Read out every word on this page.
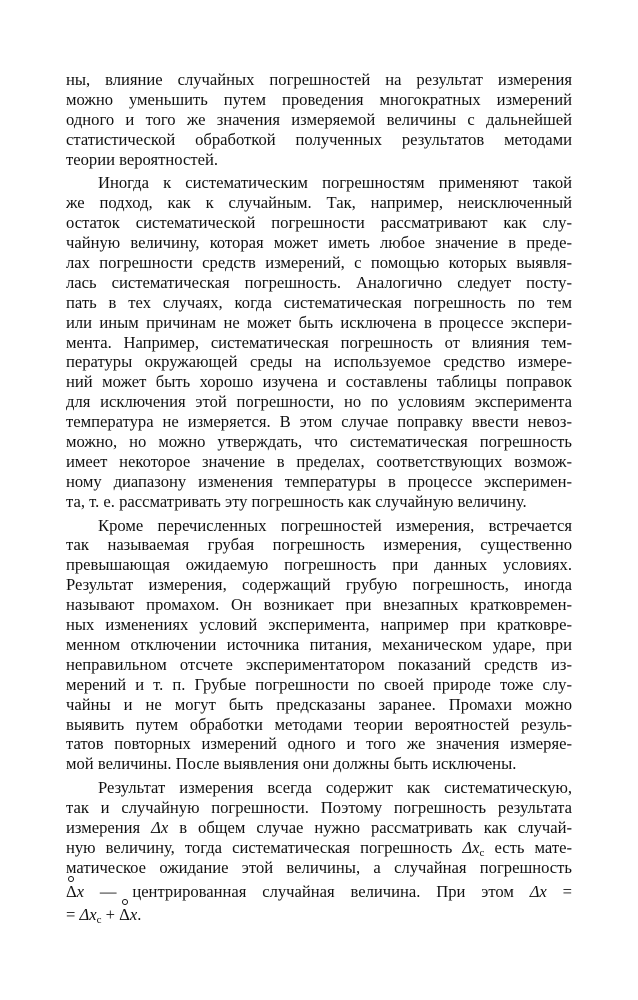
ны, влияние случайных погрешностей на результат измерения
можно уменьшить путем проведения многократных измерений
одного и того же значения измеряемой величины с дальнейшей
статистической обработкой полученных результатов методами
теории вероятностей.
Иногда к систематическим погрешностям применяют такой
же подход, как к случайным. Так, например, неисключенный
остаток систематической погрешности рассматривают как слу-
чайную величину, которая может иметь любое значение в преде-
лах погрешности средств измерений, с помощью которых выявля-
лась систематическая погрешность. Аналогично следует посту-
пать в тех случаях, когда систематическая погрешность по тем
или иным причинам не может быть исключена в процессе экспери-
мента. Например, систематическая погрешность от влияния тем-
пературы окружающей среды на используемое средство измере-
ний может быть хорошо изучена и составлены таблицы поправок
для исключения этой погрешности, но по условиям эксперимента
температура не измеряется. В этом случае поправку ввести невоз-
можно, но можно утверждать, что систематическая погрешность
имеет некоторое значение в пределах, соответствующих возмож-
ному диапазону изменения температуры в процессе эксперимен-
та, т. е. рассматривать эту погрешность как случайную величину.
Кроме перечисленных погрешностей измерения, встречается
так называемая грубая погрешность измерения, существенно
превышающая ожидаемую погрешность при данных условиях.
Результат измерения, содержащий грубую погрешность, иногда
называют промахом. Он возникает при внезапных кратковремен-
ных изменениях условий эксперимента, например при кратковре-
менном отключении источника питания, механическом ударе, при
неправильном отсчете экспериментатором показаний средств из-
мерений и т. п. Грубые погрешности по своей природе тоже слу-
чайны и не могут быть предсказаны заранее. Промахи можно
выявить путем обработки методами теории вероятностей резуль-
татов повторных измерений одного и того же значения измеряе-
мой величины. После выявления они должны быть исключены.
Результат измерения всегда содержит как систематическую,
так и случайную погрешности. Поэтому погрешность результата
измерения Δx в общем случае нужно рассматривать как случай-
ную величину, тогда систематическая погрешность $\Delta x_c$ есть мате-
матическое ожидание этой величины, а случайная погрешность
Δx — центрированная случайная величина. При этом Δx =
= $\Delta x_c + \Delta x$.
